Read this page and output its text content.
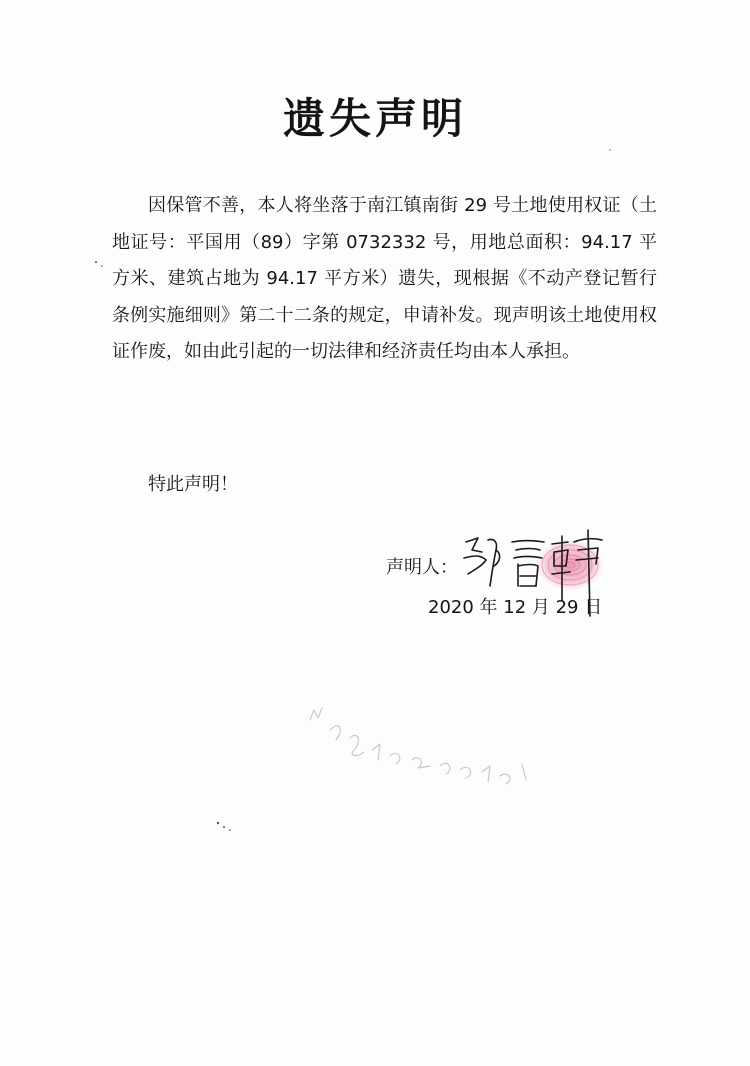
遗失声明
因保管不善，本人将坐落于南江镇南街 29 号土地使用权证（土地证号：平国用（89）字第 0732332 号，用地总面积：94.17 平方米、建筑占地为 94.17 平方米）遗失，现根据《不动产登记暂行条例实施细则》第二十二条的规定，申请补发。现声明该土地使用权证作废，如由此引起的一切法律和经济责任均由本人承担。
特此声明！
声明人：
2020 年 12 月 29 日
